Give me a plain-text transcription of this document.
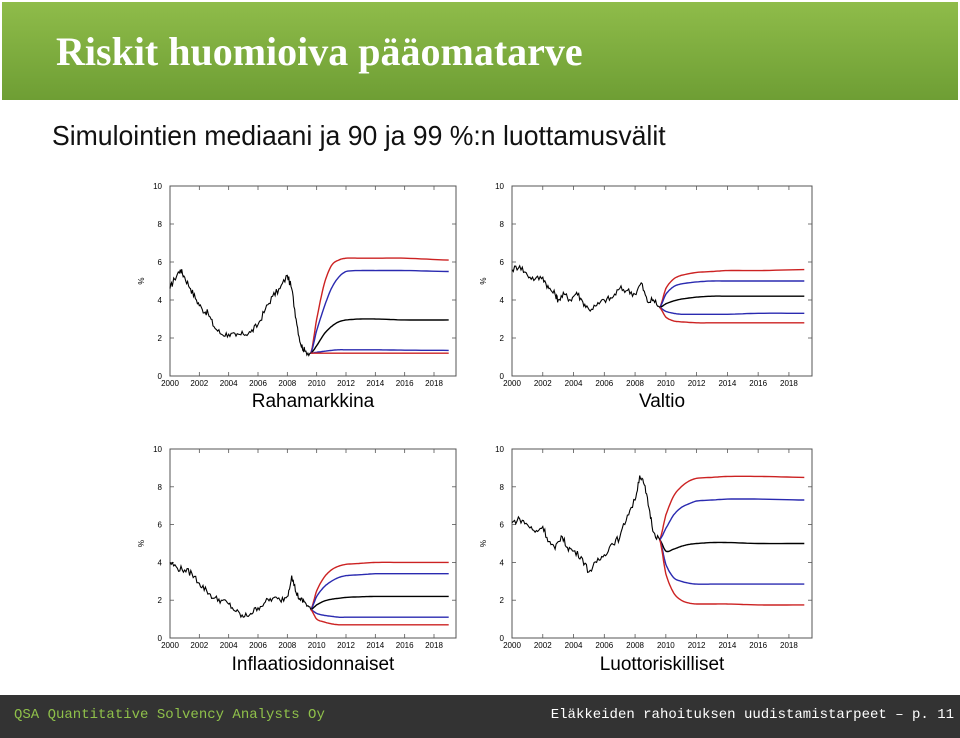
Riskit huomioiva pääomatarve
Simulointien mediaani ja 90 ja 99 %:n luottamusvälit
0
2
4
6
8
10
2000 2002 2004 2006 2008 2010 2012 2014 2016 2018
%
Rahamarkkina
0
2
4
6
8
10
2000 2002 2004 2006 2008 2010 2012 2014 2016 2018
%
Valtio
0
2
4
6
8
10
2000 2002 2004 2006 2008 2010 2012 2014 2016 2018
%
Inflaatiosidonnaiset
0
2
4
6
8
10
2000 2002 2004 2006 2008 2010 2012 2014 2016 2018
%
Luottoriskilliset
QSA Quantitative Solvency Analysts Oy	Eläkkeiden rahoituksen uudistamistarpeet – p. 11
